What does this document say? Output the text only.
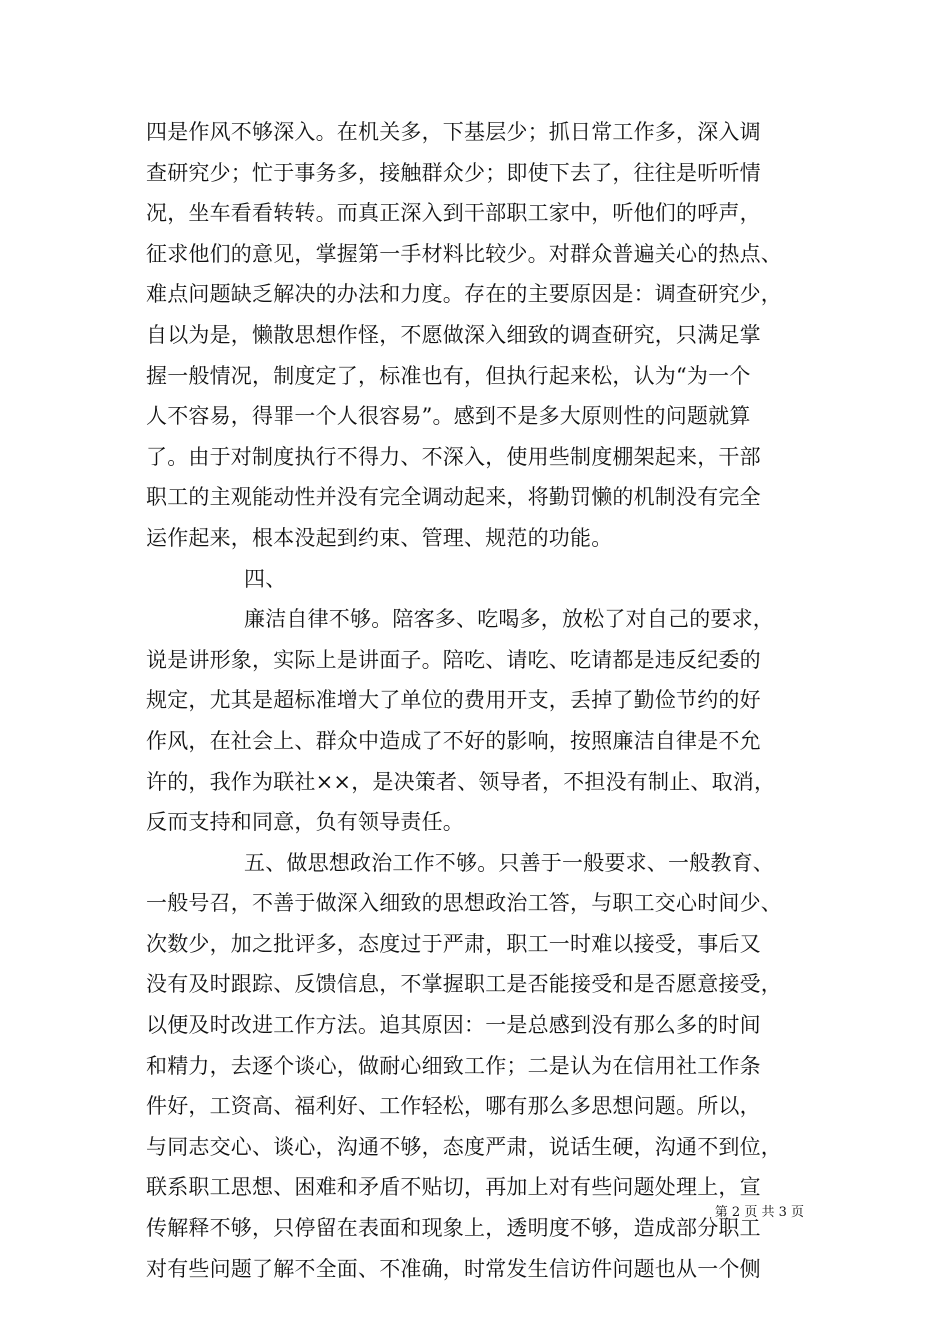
四是作风不够深入。在机关多，下基层少；抓日常工作多，深入调
查研究少；忙于事务多，接触群众少；即使下去了，往往是听听情
况，坐车看看转转。而真正深入到干部职工家中，听他们的呼声，
征求他们的意见，掌握第一手材料比较少。对群众普遍关心的热点、
难点问题缺乏解决的办法和力度。存在的主要原因是：调查研究少，
自以为是，懒散思想作怪，不愿做深入细致的调查研究，只满足掌
握一般情况，制度定了，标准也有，但执行起来松，认为“为一个
人不容易，得罪一个人很容易”。感到不是多大原则性的问题就算
了。由于对制度执行不得力、不深入，使用些制度棚架起来，干部
职工的主观能动性并没有完全调动起来，将勤罚懒的机制没有完全
运作起来，根本没起到约束、管理、规范的功能。
四、
廉洁自律不够。陪客多、吃喝多，放松了对自己的要求，
说是讲形象，实际上是讲面子。陪吃、请吃、吃请都是违反纪委的
规定，尤其是超标准增大了单位的费用开支，丢掉了勤俭节约的好
作风，在社会上、群众中造成了不好的影响，按照廉洁自律是不允
许的，我作为联社××，是决策者、领导者，不担没有制止、取消，
反而支持和同意，负有领导责任。
五、做思想政治工作不够。只善于一般要求、一般教育、
一般号召，不善于做深入细致的思想政治工答，与职工交心时间少、
次数少，加之批评多，态度过于严肃，职工一时难以接受，事后又
没有及时跟踪、反馈信息，不掌握职工是否能接受和是否愿意接受，
以便及时改进工作方法。追其原因：一是总感到没有那么多的时间
和精力，去逐个谈心，做耐心细致工作；二是认为在信用社工作条
件好，工资高、福利好、工作轻松，哪有那么多思想问题。所以，
与同志交心、谈心，沟通不够，态度严肃，说话生硬，沟通不到位，
联系职工思想、困难和矛盾不贴切，再加上对有些问题处理上，宣
传解释不够，只停留在表面和现象上，透明度不够，造成部分职工
对有些问题了解不全面、不准确，时常发生信访件问题也从一个侧
第 2 页 共 3 页
